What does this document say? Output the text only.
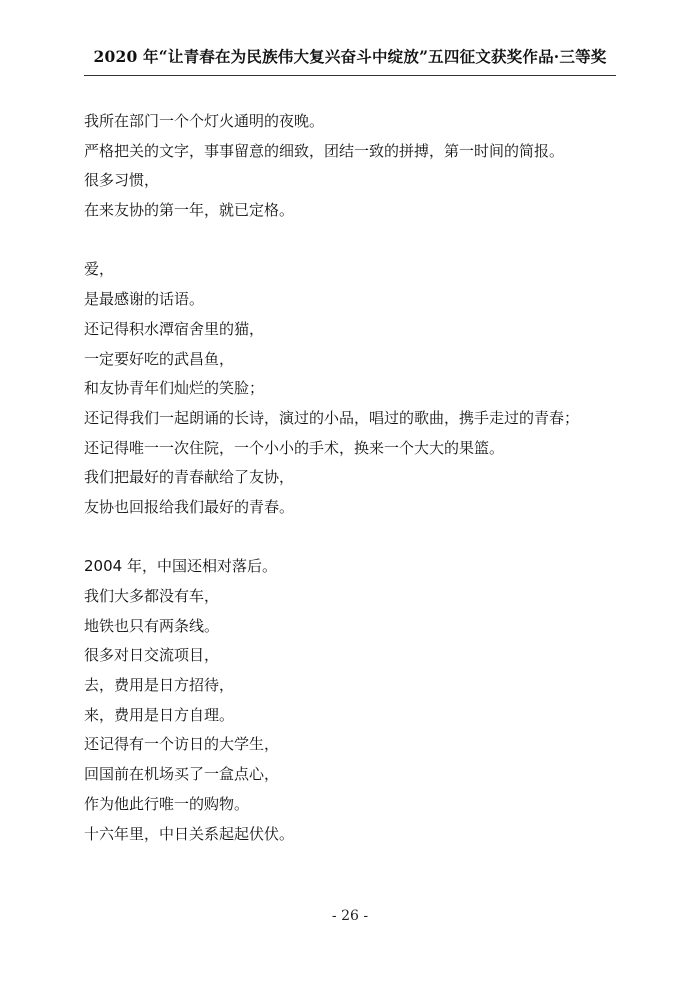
2020 年“让青春在为民族伟大复兴奋斗中绽放”五四征文获奖作品·三等奖
我所在部门一个个灯火通明的夜晚。
严格把关的文字，事事留意的细致，团结一致的拼搏，第一时间的简报。
很多习惯，
在来友协的第一年，就已定格。
爱，
是最感谢的话语。
还记得积水潭宿舍里的猫，
一定要好吃的武昌鱼，
和友协青年们灿烂的笑脸；
还记得我们一起朗诵的长诗，演过的小品，唱过的歌曲，携手走过的青春；
还记得唯一一次住院，一个小小的手术，换来一个大大的果篮。
我们把最好的青春献给了友协，
友协也回报给我们最好的青春。
2004 年，中国还相对落后。
我们大多都没有车，
地铁也只有两条线。
很多对日交流项目，
去，费用是日方招待，
来，费用是日方自理。
还记得有一个访日的大学生，
回国前在机场买了一盒点心，
作为他此行唯一的购物。
十六年里，中日关系起起伏伏。
- 26 -
